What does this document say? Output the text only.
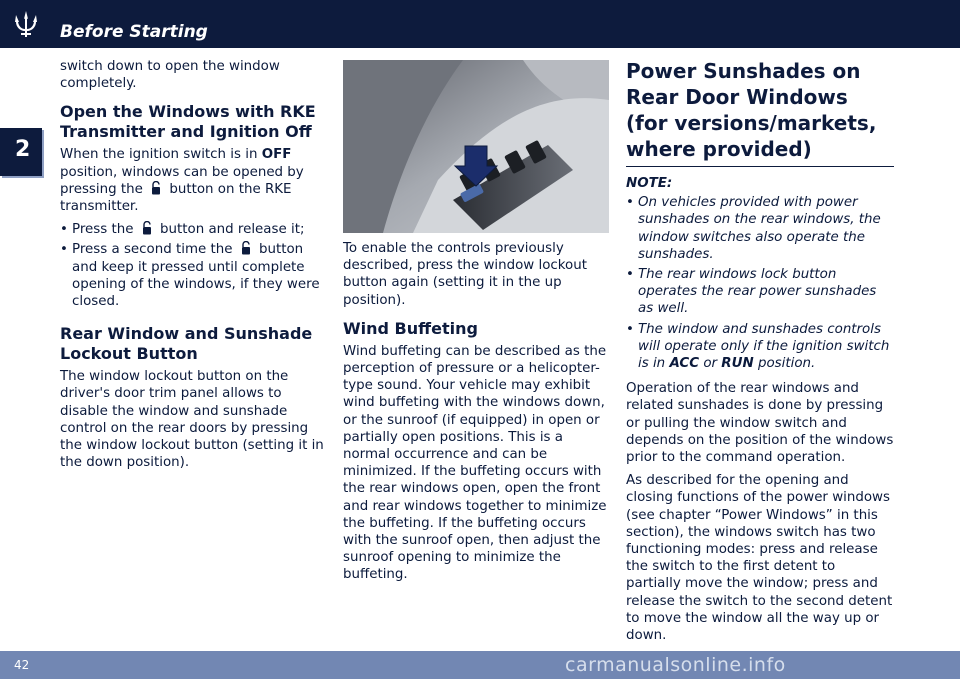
Before Starting
2

switch down to open the window completely.

Open the Windows with RKE Transmitter and Ignition Off

When the ignition switch is in OFF position, windows can be opened by pressing the button on the RKE transmitter.

• Press the button and release it;
• Press a second time the button and keep it pressed until complete opening of the windows, if they were closed.
Rear Window and Sunshade Lockout Button

The window lockout button on the driver's door trim panel allows to disable the window and sunshade control on the rear doors by pressing the window lockout button (setting it in the down position).

To enable the controls previously described, press the window lockout button again (setting it in the up position).

Wind Buffeting

Wind buffeting can be described as the perception of pressure or a helicopter-type sound. Your vehicle may exhibit wind buffeting with the windows down, or the sunroof (if equipped) in open or partially open positions. This is a normal occurrence and can be minimized. If the buffeting occurs with the rear windows open, open the front and rear windows together to minimize the buffeting. If the buffeting occurs with the sunroof open, then adjust the sunroof opening to minimize the buffeting.

Power Sunshades on Rear Door Windows (for versions/markets, where provided)

NOTE:

• On vehicles provided with power sunshades on the rear windows, the window switches also operate the sunshades.
• The rear windows lock button operates the rear power sunshades as well.
• The window and sunshades controls will operate only if the ignition switch is in ACC or RUN position.

Operation of the rear windows and related sunshades is done by pressing or pulling the window switch and depends on the position of the windows prior to the command operation.

As described for the opening and closing functions of the power windows (see chapter “Power Windows” in this section), the windows switch has two functioning modes: press and release the switch to the first detent to partially move the window; press and release the switch to the second detent to move the window all the way up or down.

42	carmanualsonline.info
